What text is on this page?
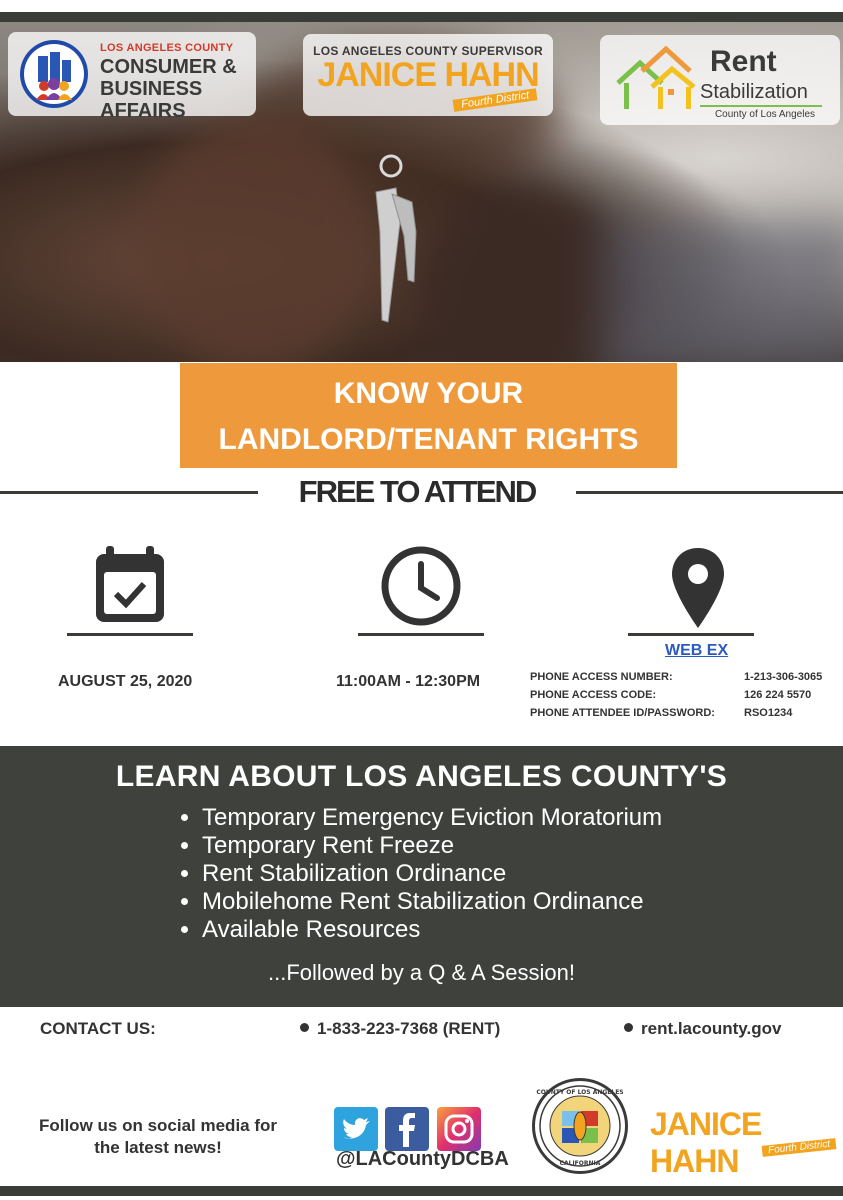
LOS ANGELES COUNTY
CONSUMER &
BUSINESS AFFAIRS
LOS ANGELES COUNTY SUPERVISOR
JANICE HAHN
Fourth District
Rent
Stabilization
County of Los Angeles
KNOW YOUR
LANDLORD/TENANT RIGHTS
FREE TO ATTEND
AUGUST 25, 2020	11:00AM - 12:30PM
WEB EX
PHONE ACCESS NUMBER:	1-213-306-3065
PHONE ACCESS CODE:	126 224 5570
PHONE ATTENDEE ID/PASSWORD:	RSO1234
LEARN ABOUT LOS ANGELES COUNTY'S
• Temporary Emergency Eviction Moratorium
• Temporary Rent Freeze
• Rent Stabilization Ordinance
• Mobilehome Rent Stabilization Ordinance
• Available Resources
...Followed by a Q & A Session!
CONTACT US:	1-833-223-7368 (RENT)	rent.lacounty.gov
Follow us on social media for
the latest news!
@LACountyDCBA
COUNTY OF LOS ANGELES
CALIFORNIA
JANICE HAHN	Fourth District
